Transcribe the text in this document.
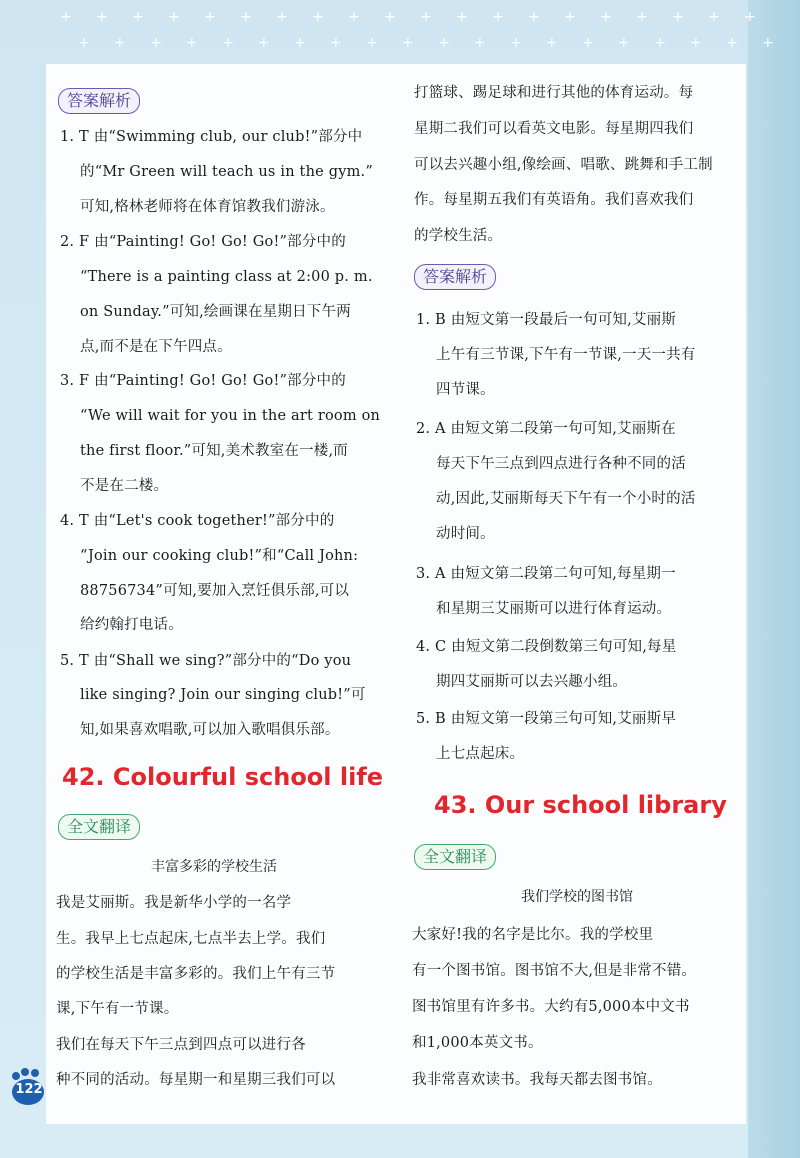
+
+
+
+
+
+
+
+
+
+
+
+
+
+
+
+
+
+
+
+
+
+
+
+
+
+
+
+
+
+
+
+
+
+
+
+
+
+
+
+
答案解析
1. T 由“Swimming club, our club!”部分中
的“Mr Green will teach us in the gym.”
可知,格林老师将在体育馆教我们游泳。
2. F 由“Painting! Go! Go! Go!”部分中的
“There is a painting class at 2:00 p. m.
on Sunday.”可知,绘画课在星期日下午两
点,而不是在下午四点。
3. F 由“Painting! Go! Go! Go!”部分中的
“We will wait for you in the art room on
the first floor.”可知,美术教室在一楼,而
不是在二楼。
4. T 由“Let's cook together!”部分中的
“Join our cooking club!”和“Call John:
88756734”可知,要加入烹饪俱乐部,可以
给约翰打电话。
5. T 由“Shall we sing?”部分中的“Do you
like singing? Join our singing club!”可
知,如果喜欢唱歌,可以加入歌唱俱乐部。
42. Colourful school life
全文翻译
丰富多彩的学校生活
我是艾丽斯。我是新华小学的一名学
生。我早上七点起床,七点半去上学。我们
的学校生活是丰富多彩的。我们上午有三节
课,下午有一节课。
我们在每天下午三点到四点可以进行各
种不同的活动。每星期一和星期三我们可以
打篮球、踢足球和进行其他的体育运动。每
星期二我们可以看英文电影。每星期四我们
可以去兴趣小组,像绘画、唱歌、跳舞和手工制
作。每星期五我们有英语角。我们喜欢我们
的学校生活。
答案解析
1. B 由短文第一段最后一句可知,艾丽斯
上午有三节课,下午有一节课,一天一共有
四节课。
2. A 由短文第二段第一句可知,艾丽斯在
每天下午三点到四点进行各种不同的活
动,因此,艾丽斯每天下午有一个小时的活
动时间。
3. A 由短文第二段第二句可知,每星期一
和星期三艾丽斯可以进行体育运动。
4. C 由短文第二段倒数第三句可知,每星
期四艾丽斯可以去兴趣小组。
5. B 由短文第一段第三句可知,艾丽斯早
上七点起床。
43. Our school library
全文翻译
我们学校的图书馆
大家好!我的名字是比尔。我的学校里
有一个图书馆。图书馆不大,但是非常不错。
图书馆里有许多书。大约有5,000本中文书
和1,000本英文书。
我非常喜欢读书。我每天都去图书馆。
122
